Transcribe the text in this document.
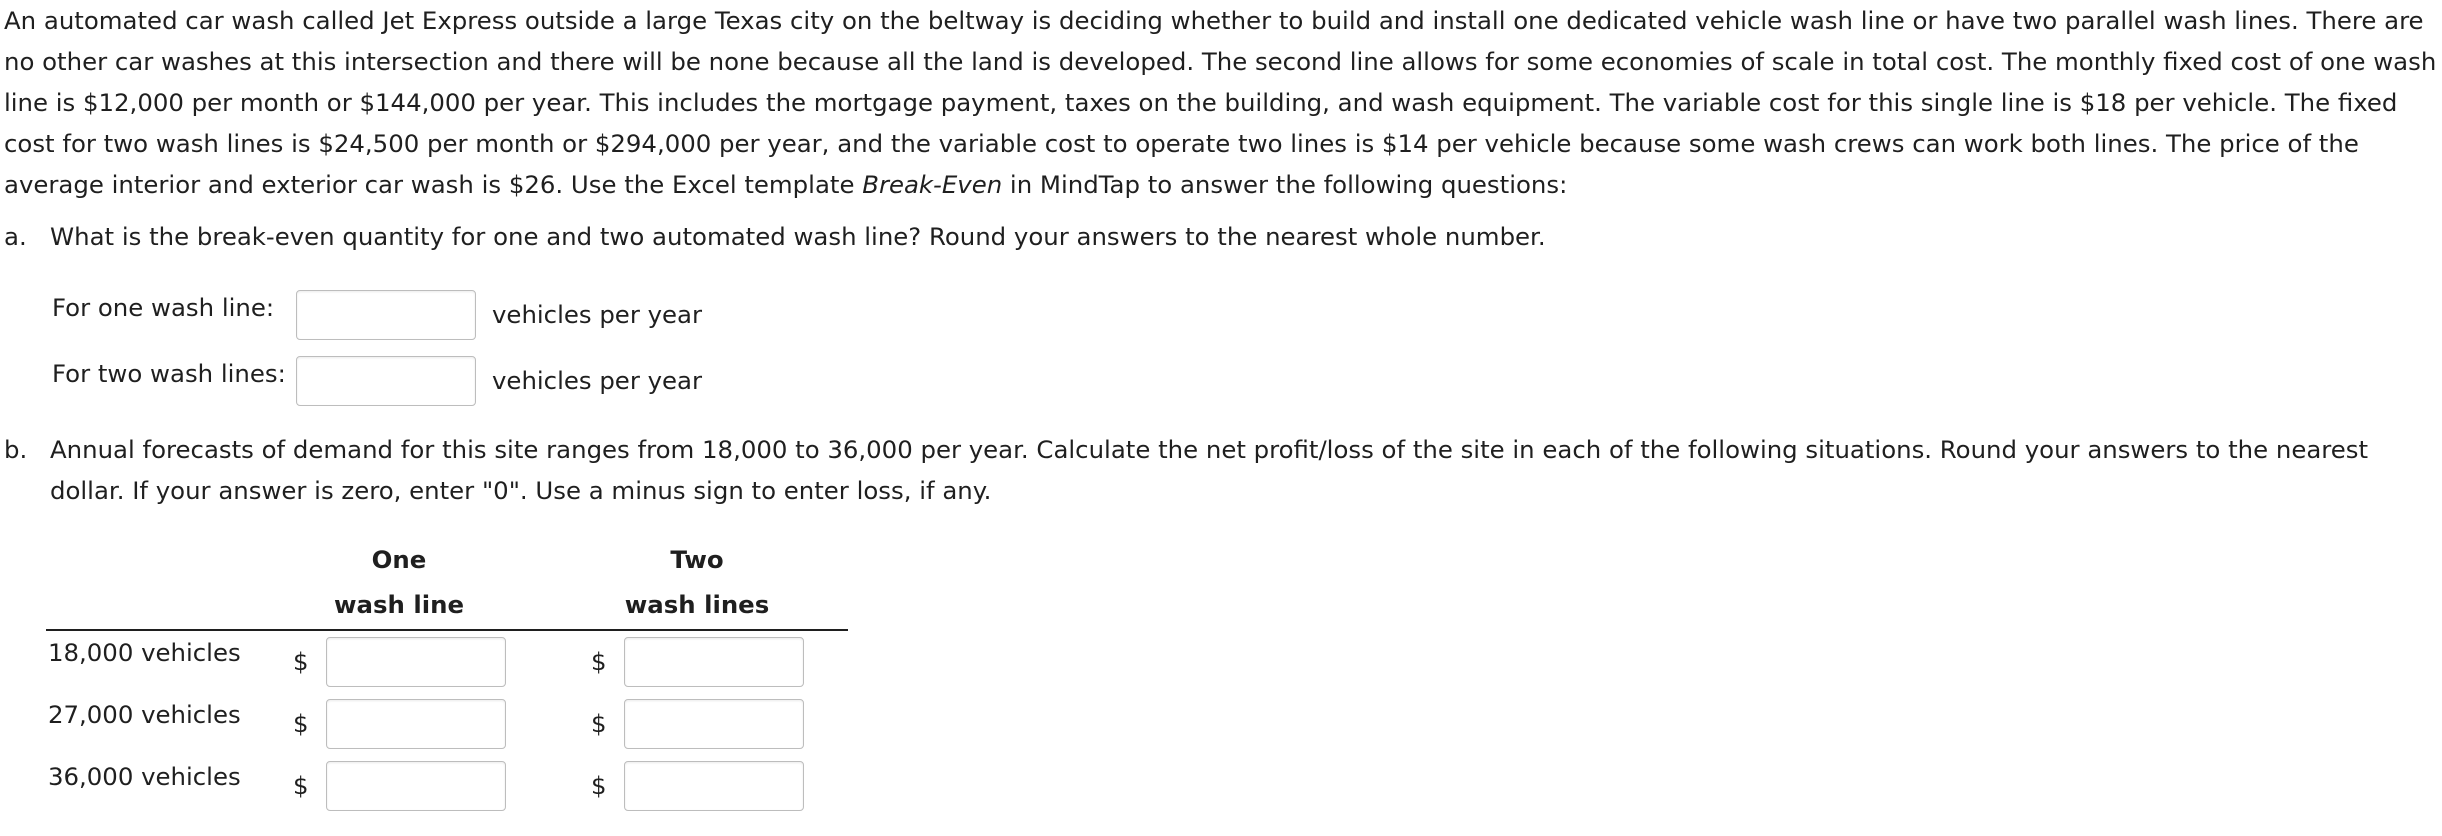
An automated car wash called Jet Express outside a large Texas city on the beltway is deciding whether to build and install one dedicated vehicle wash line or have two parallel wash lines. There are no other car washes at this intersection and there will be none because all the land is developed. The second line allows for some economies of scale in total cost. The monthly fixed cost of one wash line is $12,000 per month or $144,000 per year. This includes the mortgage payment, taxes on the building, and wash equipment. The variable cost for this single line is $18 per vehicle. The fixed cost for two wash lines is $24,500 per month or $294,000 per year, and the variable cost to operate two lines is $14 per vehicle because some wash crews can work both lines. The price of the average interior and exterior car wash is $26. Use the Excel template Break-Even in MindTap to answer the following questions:

a. What is the break-even quantity for one and two automated wash line? Round your answers to the nearest whole number.
For one wash line:	vehicles per year
For two wash lines:	vehicles per year
b. Annual forecasts of demand for this site ranges from 18,000 to 36,000 per year. Calculate the net profit/loss of the site in each of the following situations. Round your answers to the nearest dollar. If your answer is zero, enter "0". Use a minus sign to enter loss, if any.
One
wash line
Two
wash lines
18,000 vehicles $	$
27,000 vehicles $	$
36,000 vehicles $	$
